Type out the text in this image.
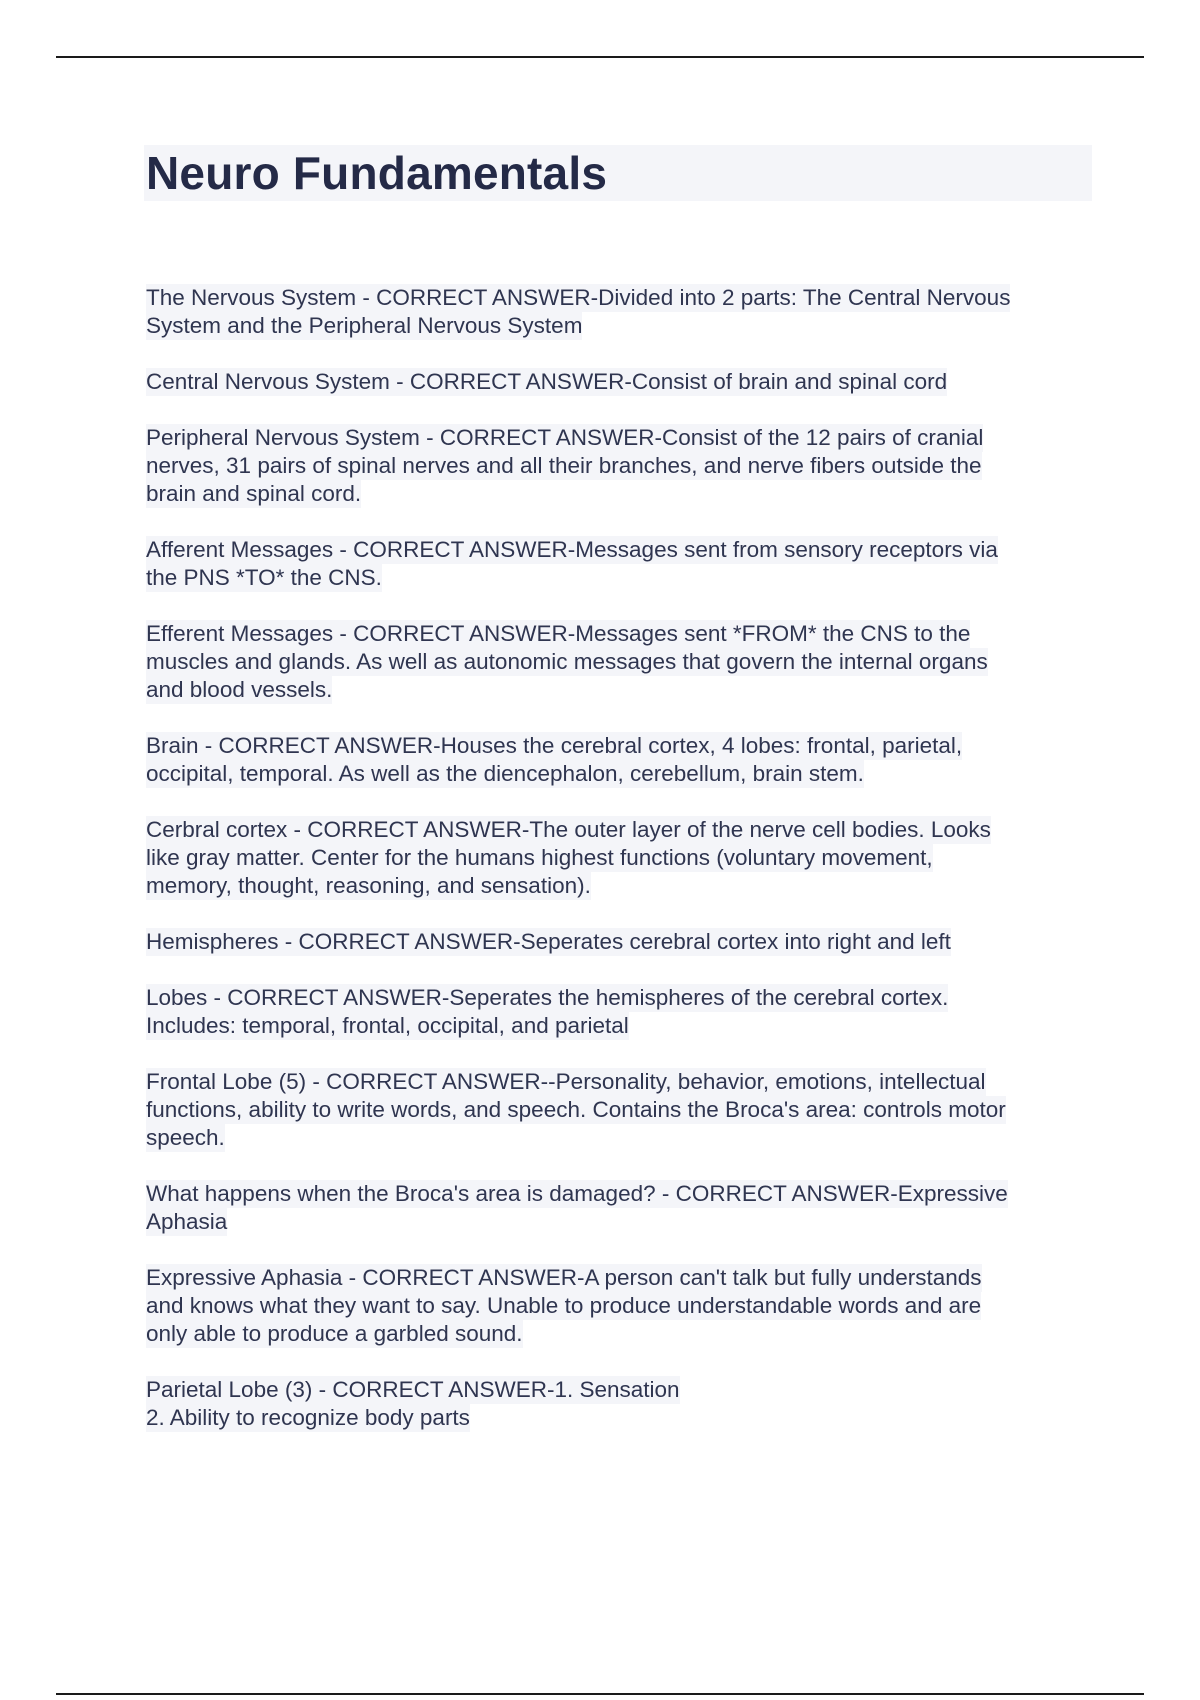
Neuro Fundamentals
The Nervous System - CORRECT ANSWER-Divided into 2 parts: The Central Nervous
System and the Peripheral Nervous System
Central Nervous System - CORRECT ANSWER-Consist of brain and spinal cord
Peripheral Nervous System - CORRECT ANSWER-Consist of the 12 pairs of cranial
nerves, 31 pairs of spinal nerves and all their branches, and nerve fibers outside the
brain and spinal cord.
Afferent Messages - CORRECT ANSWER-Messages sent from sensory receptors via
the PNS *TO* the CNS.
Efferent Messages - CORRECT ANSWER-Messages sent *FROM* the CNS to the
muscles and glands. As well as autonomic messages that govern the internal organs
and blood vessels.
Brain - CORRECT ANSWER-Houses the cerebral cortex, 4 lobes: frontal, parietal,
occipital, temporal. As well as the diencephalon, cerebellum, brain stem.
Cerbral cortex - CORRECT ANSWER-The outer layer of the nerve cell bodies. Looks
like gray matter. Center for the humans highest functions (voluntary movement,
memory, thought, reasoning, and sensation).
Hemispheres - CORRECT ANSWER-Seperates cerebral cortex into right and left
Lobes - CORRECT ANSWER-Seperates the hemispheres of the cerebral cortex.
Includes: temporal, frontal, occipital, and parietal
Frontal Lobe (5) - CORRECT ANSWER--Personality, behavior, emotions, intellectual
functions, ability to write words, and speech. Contains the Broca's area: controls motor
speech.
What happens when the Broca's area is damaged? - CORRECT ANSWER-Expressive
Aphasia
Expressive Aphasia - CORRECT ANSWER-A person can't talk but fully understands
and knows what they want to say. Unable to produce understandable words and are
only able to produce a garbled sound.
Parietal Lobe (3) - CORRECT ANSWER-1. Sensation
2. Ability to recognize body parts
